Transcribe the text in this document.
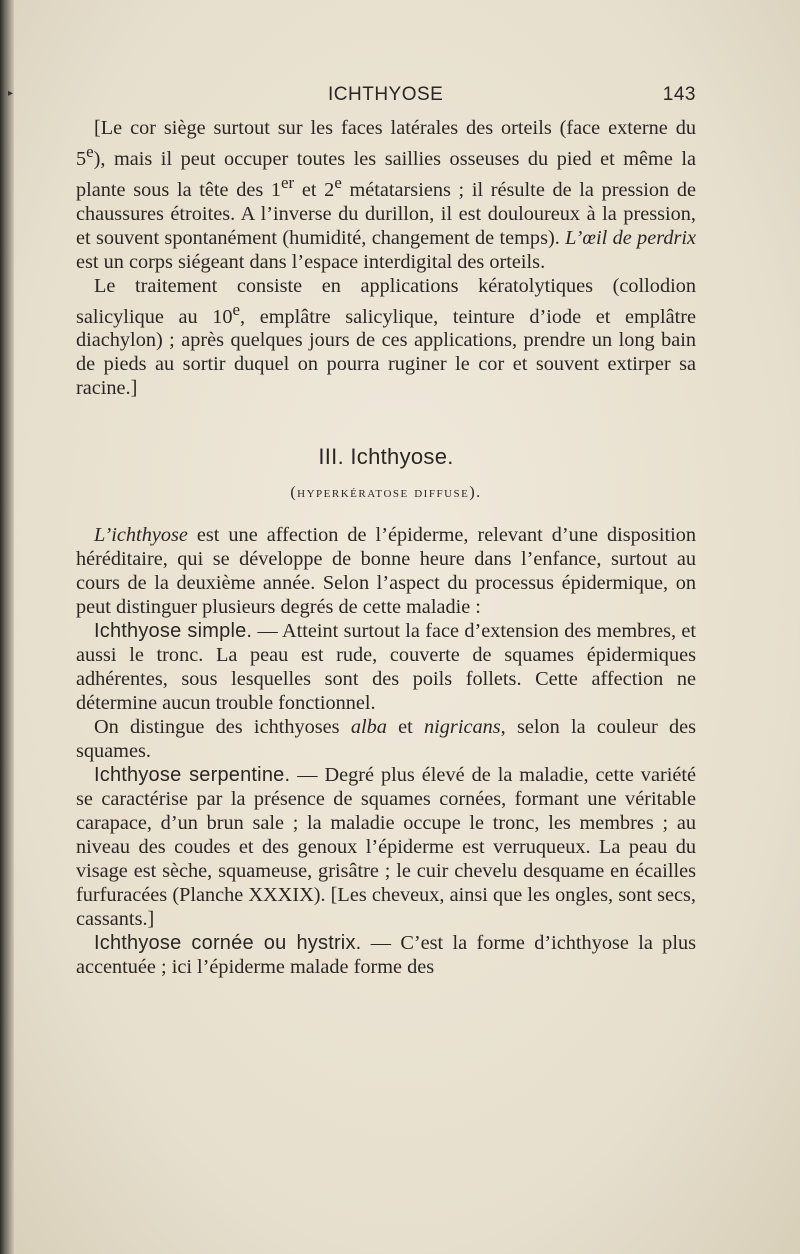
▸	ICHTHYOSE	143

[Le cor siège surtout sur les faces latérales des orteils (face externe du 5e), mais il peut occuper toutes les saillies osseuses du pied et même la plante sous la tête des 1er et 2e métatarsiens ; il résulte de la pression de chaussures étroites. A l’inverse du durillon, il est douloureux à la pression, et souvent spontanément (humidité, changement de temps). L’œil de perdrix est un corps siégeant dans l’espace interdigital des orteils.

Le traitement consiste en applications kératolytiques (collodion salicylique au 10e, emplâtre salicylique, teinture d’iode et emplâtre diachylon) ; après quelques jours de ces applications, prendre un long bain de pieds au sortir duquel on pourra ruginer le cor et souvent extirper sa racine.]

III. Ichthyose.
(hyperkératose diffuse).

L’ichthyose est une affection de l’épiderme, relevant d’une disposition héréditaire, qui se développe de bonne heure dans l’enfance, surtout au cours de la deuxième année. Selon l’aspect du processus épidermique, on peut distinguer plusieurs degrés de cette maladie :

Ichthyose simple. — Atteint surtout la face d’extension des membres, et aussi le tronc. La peau est rude, couverte de squames épidermiques adhérentes, sous lesquelles sont des poils follets. Cette affection ne détermine aucun trouble fonctionnel.

On distingue des ichthyoses alba et nigricans, selon la couleur des squames.

Ichthyose serpentine. — Degré plus élevé de la maladie, cette variété se caractérise par la présence de squames cornées, formant une véritable carapace, d’un brun sale ; la maladie occupe le tronc, les membres ; au niveau des coudes et des genoux l’épiderme est verruqueux. La peau du visage est sèche, squameuse, grisâtre ; le cuir chevelu desquame en écailles furfuracées (Planche XXXIX). [Les cheveux, ainsi que les ongles, sont secs, cassants.]

Ichthyose cornée ou hystrix. — C’est la forme d’ichthyose la plus accentuée ; ici l’épiderme malade forme des
